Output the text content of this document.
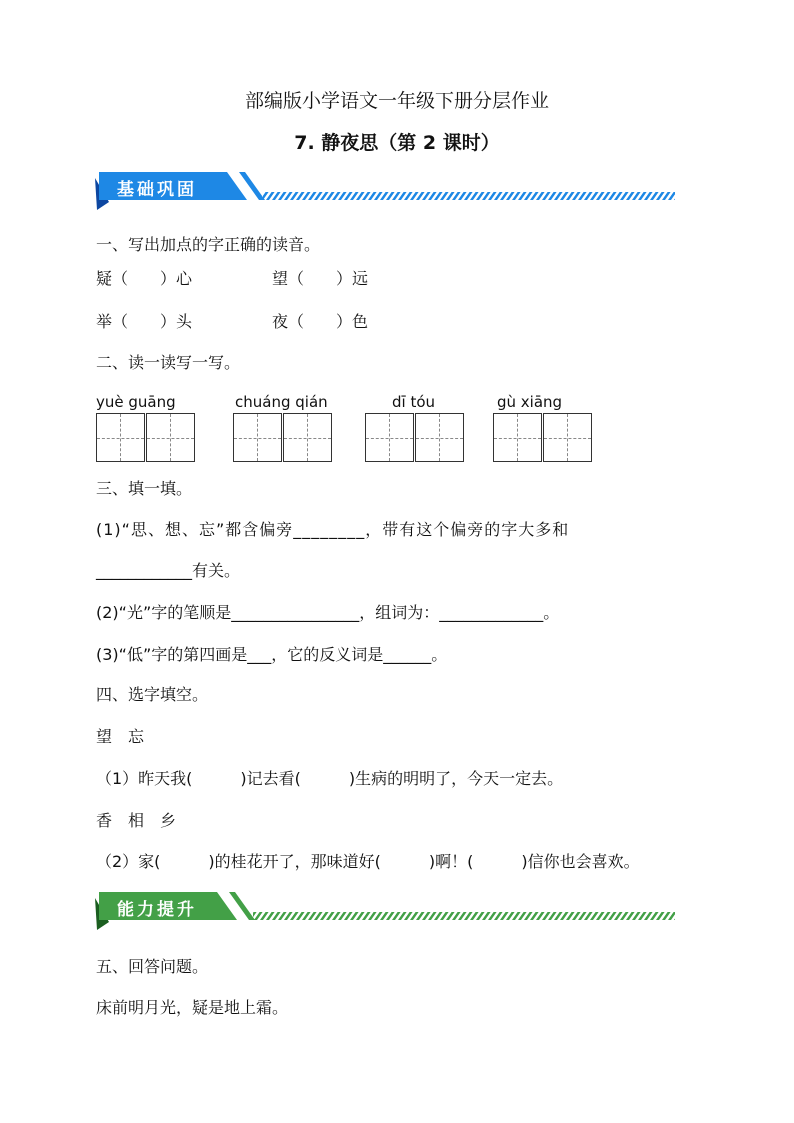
部编版小学语文一年级下册分层作业
7. 静夜思（第 2 课时）
基础巩固
一、写出加点的字正确的读音。
疑（　　）心	望（　　）远
举（　　）头	夜（　　）色
二、读一读写一写。
yuè guāng	chuáng qián	dī tóu	gù xiāng
三、填一填。
(1)“思、想、忘”都含偏旁________，带有这个偏旁的字大多和
____________有关。
(2)“光”字的笔顺是________________，组词为：_____________。
(3)“低”字的第四画是___，它的反义词是______。
四、选字填空。
望　忘
（1）昨天我(　　　)记去看(　　　)生病的明明了，今天一定去。
香　相　乡
（2）家(　　　)的桂花开了，那味道好(　　　)啊！(　　　)信你也会喜欢。
能力提升
五、回答问题。
床前明月光，疑是地上霜。
